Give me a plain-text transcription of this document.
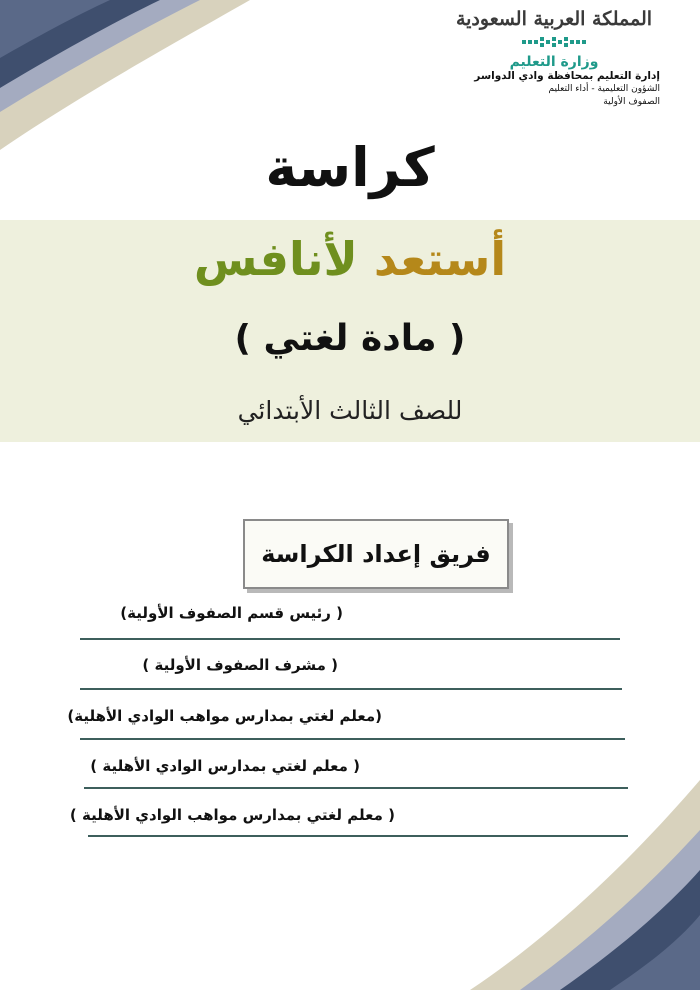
المملكة العربية السعودية
وزارة التعليم
إدارة التعليم بمحافظة وادي الدواسر
الشؤون التعليمية - أداء التعليم
الصفوف الأولية
كراسة
أستعد لأنافس
( مادة لغتي )
للصف الثالث الأبتدائي
فريق إعداد الكراسة
( رئيس قسم الصفوف الأولية)
( مشرف الصفوف الأولية )
(معلم لغتي بمدارس مواهب الوادي الأهلية)
( معلم لغتي بمدارس الوادي الأهلية )
( معلم لغتي بمدارس مواهب الوادي الأهلية )
